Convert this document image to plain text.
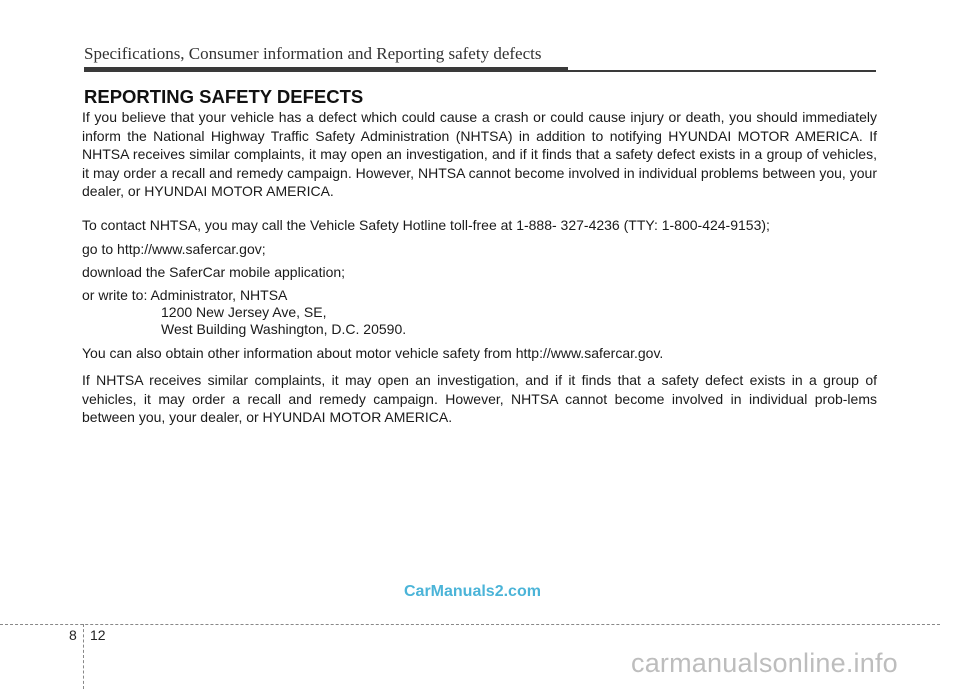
Specifications, Consumer information and Reporting safety defects
REPORTING SAFETY DEFECTS
If you believe that your vehicle has a defect which could cause a crash or could cause injury or death, you should immediately inform the National Highway Traffic Safety Administration (NHTSA) in addition to notifying HYUNDAI MOTOR AMERICA. If NHTSA receives similar complaints, it may open an investigation, and if it finds that a safety defect exists in a group of vehicles, it may order a recall and remedy campaign. However, NHTSA cannot become involved in individual problems between you, your dealer, or HYUNDAI MOTOR AMERICA.
To contact NHTSA, you may call the Vehicle Safety Hotline toll-free at 1-888- 327-4236 (TTY: 1-800-424-9153);
go to http://www.safercar.gov;
download the SaferCar mobile application;
or write to: Administrator, NHTSA
1200 New Jersey Ave, SE,
West Building Washington, D.C. 20590.
You can also obtain other information about motor vehicle safety from http://www.safercar.gov.
If NHTSA receives similar complaints, it may open an investigation, and if it finds that a safety defect exists in a group of vehicles, it may order a recall and remedy campaign. However, NHTSA cannot become involved in individual prob-lems between you, your dealer, or HYUNDAI MOTOR AMERICA.
CarManuals2.com
carmanualsonline.info
8 12
